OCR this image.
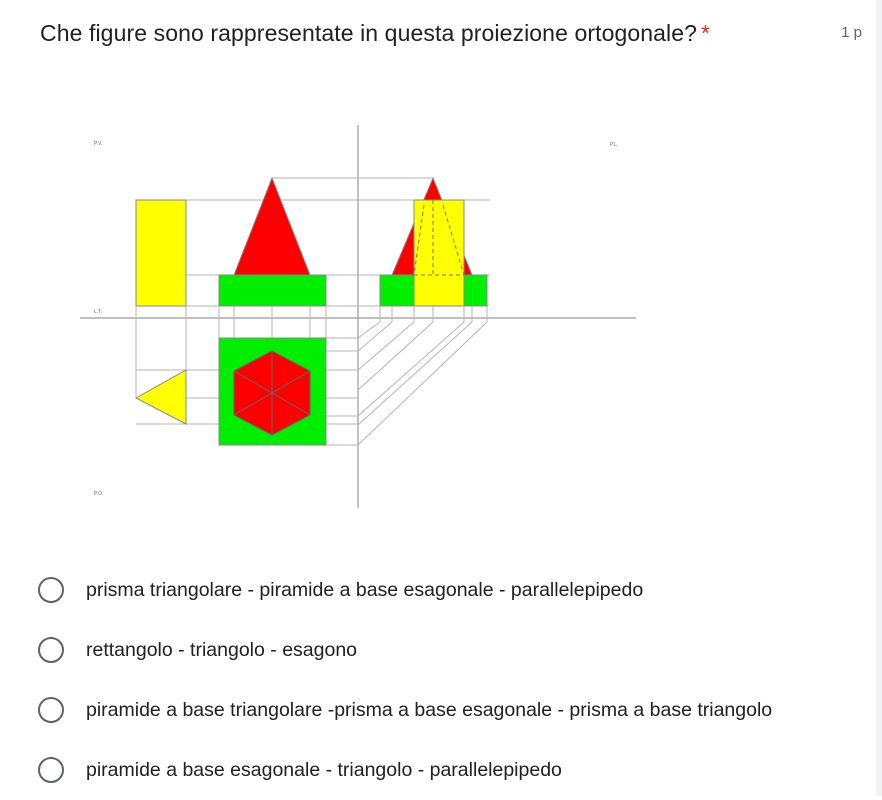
Che figure sono rappresentate in questa proiezione ortogonale? *	1 p
P.V.	P.L.
L.T.
P.O.
prisma triangolare - piramide a base esagonale - parallelepipedo
rettangolo - triangolo - esagono
piramide a base triangolare -prisma a base esagonale - prisma a base triangolo
piramide a base esagonale - triangolo - parallelepipedo
